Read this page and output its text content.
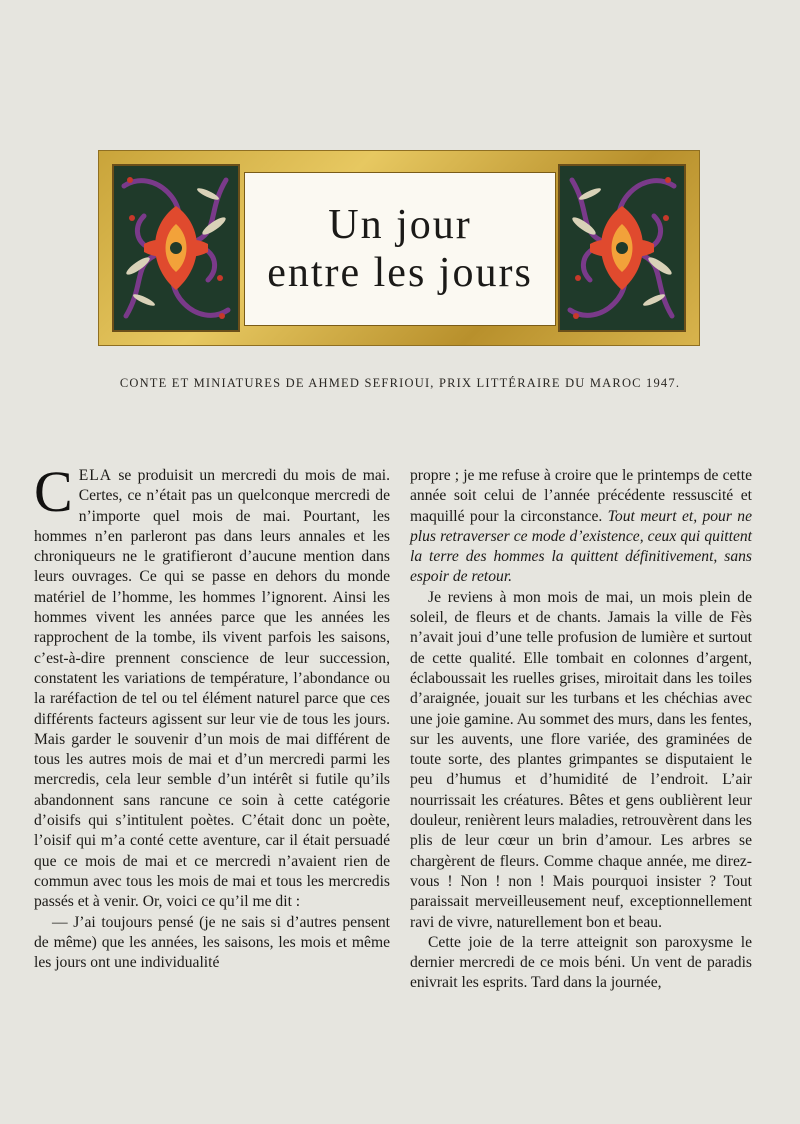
Un jour
entre les jours
CONTE ET MINIATURES DE AHMED SEFRIOUI, PRIX LITTÉRAIRE DU MAROC 1947.

CELA se produisit un mercredi du mois de mai. Certes, ce n’était pas un quelconque mercredi de n’importe quel mois de mai. Pourtant, les hommes n’en parleront pas dans leurs annales et les chroniqueurs ne le gratifieront d’aucune mention dans leurs ouvrages. Ce qui se passe en dehors du monde matériel de l’homme, les hommes l’ignorent. Ainsi les hommes vivent les années parce que les années les rapprochent de la tombe, ils vivent parfois les saisons, c’est-à-dire prennent conscience de leur succession, constatent les variations de température, l’abondance ou la raréfaction de tel ou tel élément naturel parce que ces différents facteurs agissent sur leur vie de tous les jours. Mais garder le souvenir d’un mois de mai différent de tous les autres mois de mai et d’un mercredi parmi les mercredis, cela leur semble d’un intérêt si futile qu’ils abandonnent sans rancune ce soin à cette catégorie d’oisifs qui s’intitulent poètes. C’était donc un poète, l’oisif qui m’a conté cette aventure, car il était persuadé que ce mois de mai et ce mercredi n’avaient rien de commun avec tous les mois de mai et tous les mercredis passés et à venir. Or, voici ce qu’il me dit :

— J’ai toujours pensé (je ne sais si d’autres pensent de même) que les années, les saisons, les mois et même les jours ont une individualité

propre ; je me refuse à croire que le printemps de cette année soit celui de l’année précédente ressuscité et maquillé pour la circonstance. Tout meurt et, pour ne plus retraverser ce mode d’existence, ceux qui quittent la terre des hommes la quittent définitivement, sans espoir de retour.

Je reviens à mon mois de mai, un mois plein de soleil, de fleurs et de chants. Jamais la ville de Fès n’avait joui d’une telle profusion de lumière et surtout de cette qualité. Elle tombait en colonnes d’argent, éclaboussait les ruelles grises, miroitait dans les toiles d’araignée, jouait sur les turbans et les chéchias avec une joie gamine. Au sommet des murs, dans les fentes, sur les auvents, une flore variée, des graminées de toute sorte, des plantes grimpantes se disputaient le peu d’humus et d’humidité de l’endroit. L’air nourrissait les créatures. Bêtes et gens oublièrent leur douleur, renièrent leurs maladies, retrouvèrent dans les plis de leur cœur un brin d’amour. Les arbres se chargèrent de fleurs. Comme chaque année, me direz-vous ! Non ! non ! Mais pourquoi insister ? Tout paraissait merveilleusement neuf, exceptionnellement ravi de vivre, naturellement bon et beau.

Cette joie de la terre atteignit son paroxysme le dernier mercredi de ce mois béni. Un vent de paradis enivrait les esprits. Tard dans la journée,
